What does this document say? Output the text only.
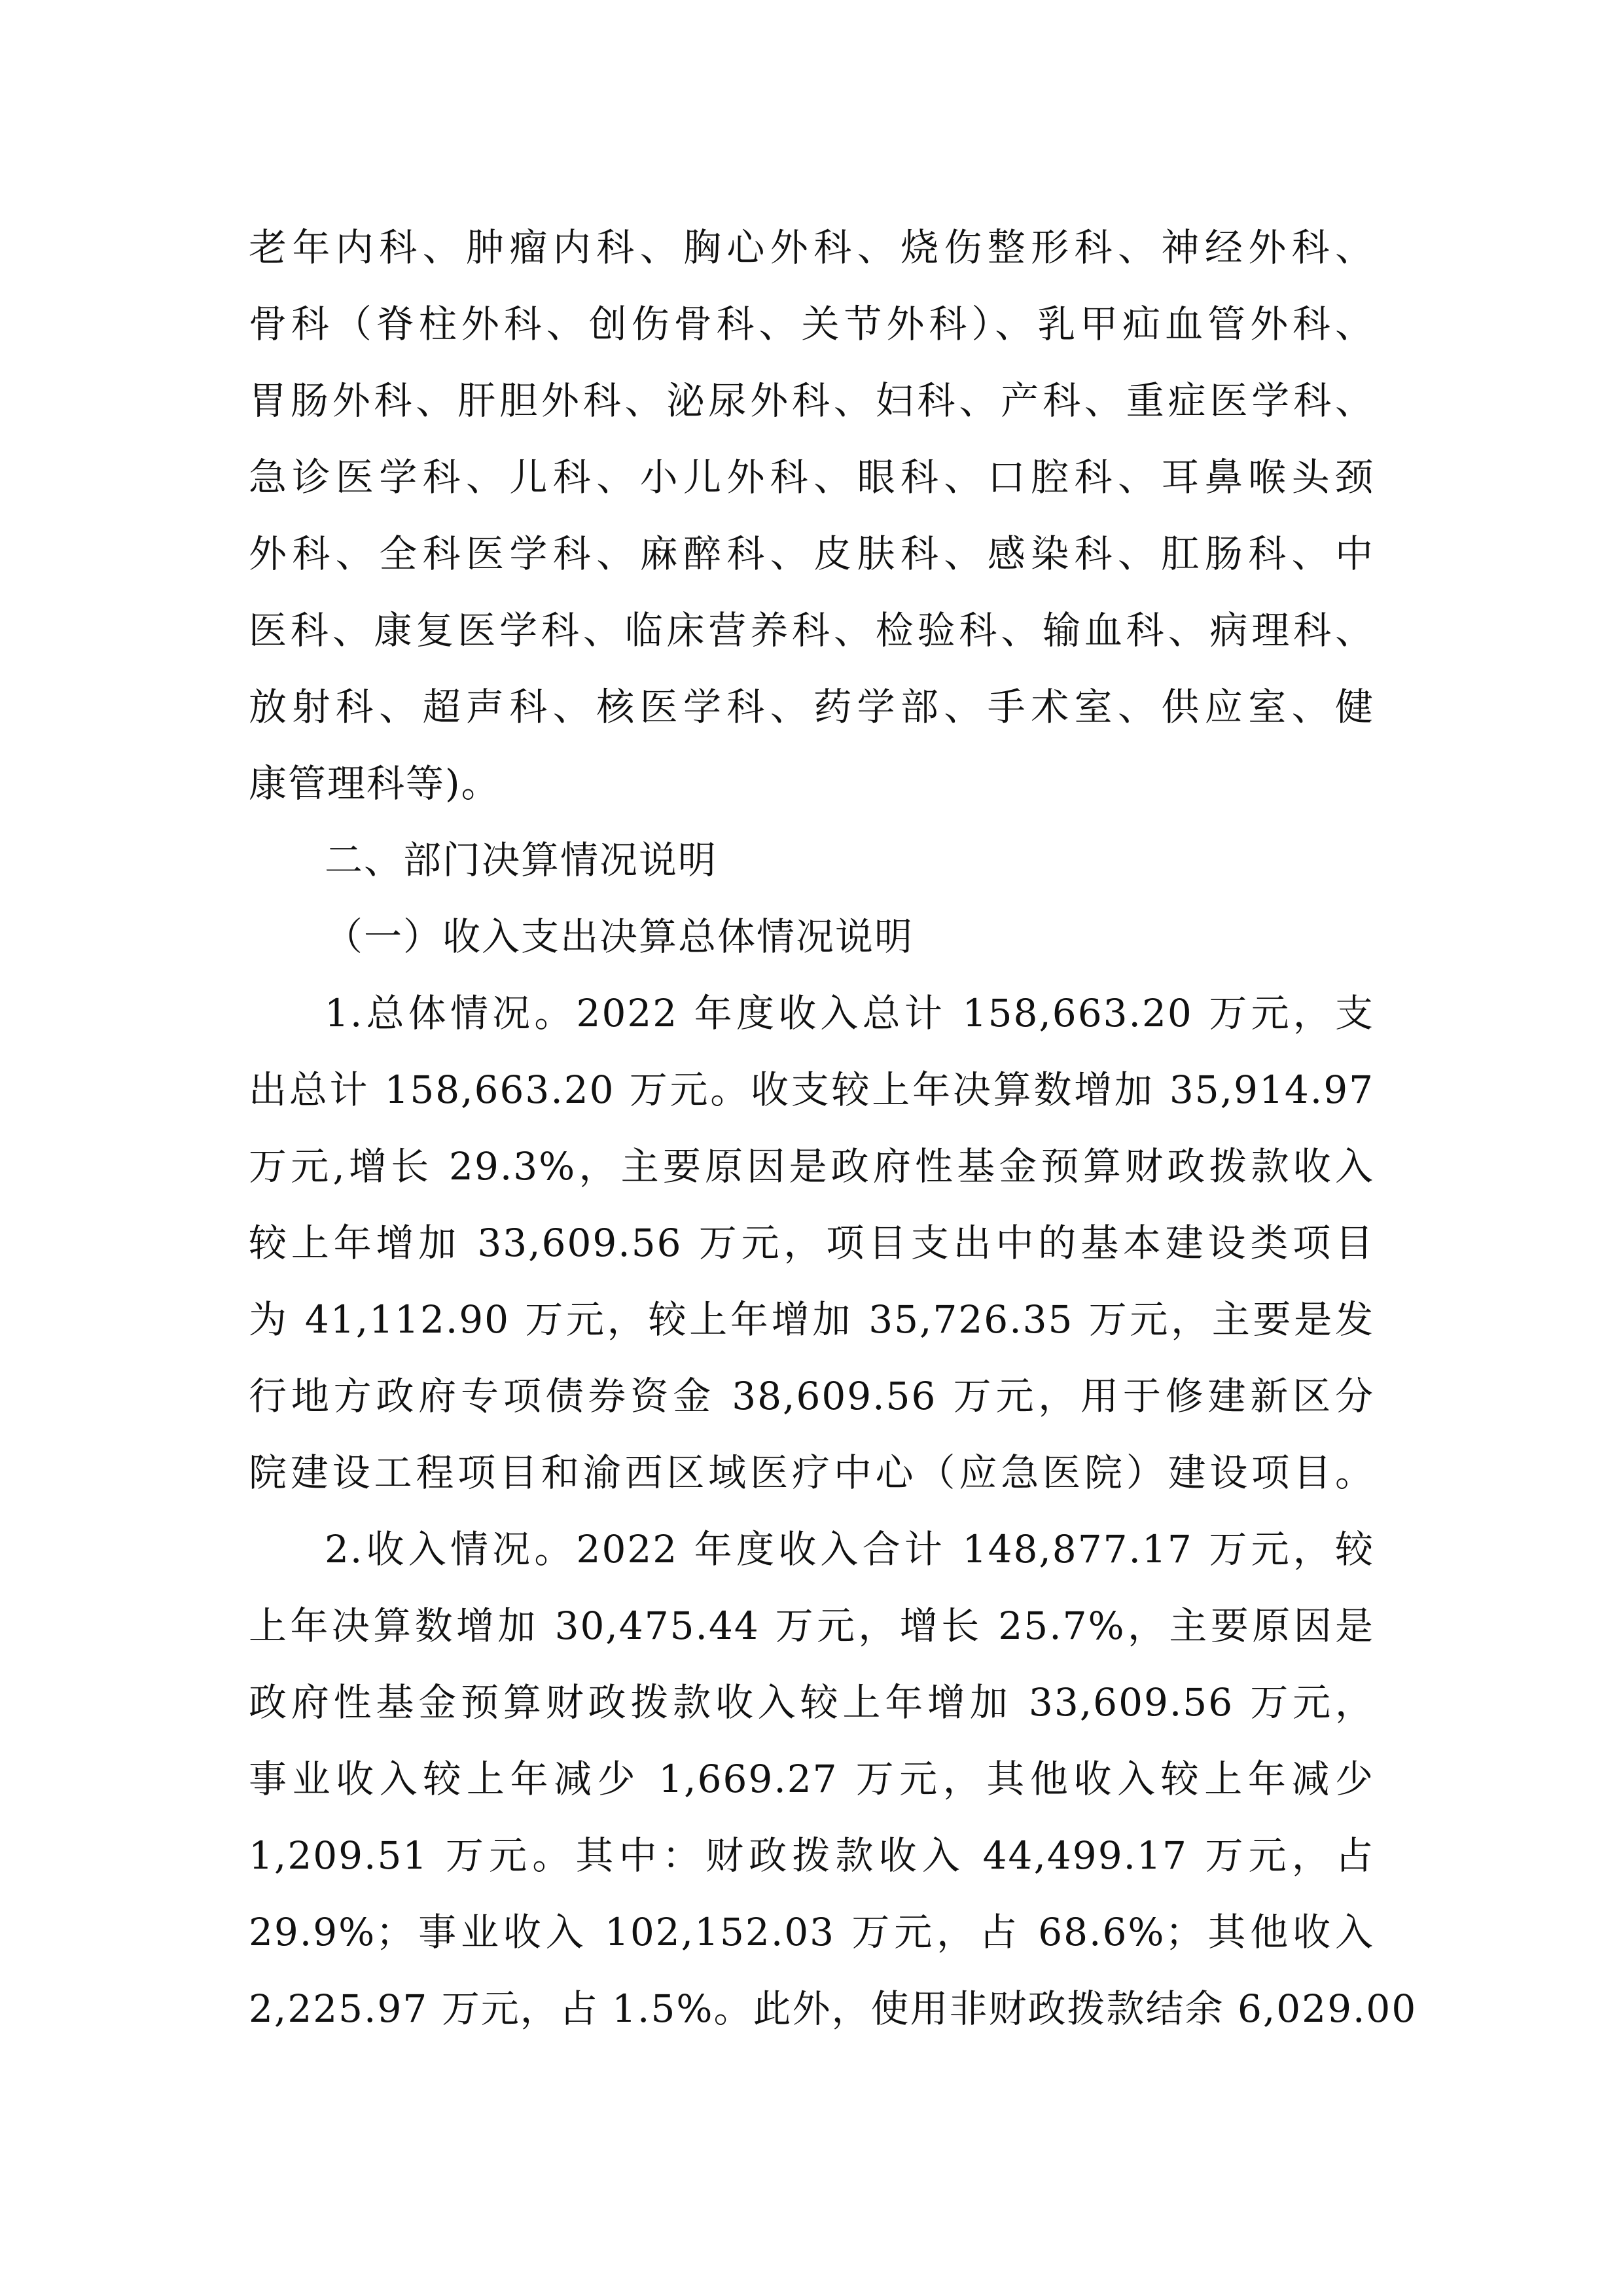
老年内科、肿瘤内科、胸心外科、烧伤整形科、神经外科、
骨科（脊柱外科、创伤骨科、关节外科）、乳甲疝血管外科、
胃肠外科、肝胆外科、泌尿外科、妇科、产科、重症医学科、
急诊医学科、儿科、小儿外科、眼科、口腔科、耳鼻喉头颈
外科、全科医学科、麻醉科、皮肤科、感染科、肛肠科、中
医科、康复医学科、临床营养科、检验科、输血科、病理科、
放射科、超声科、核医学科、药学部、手术室、供应室、健
康管理科等)。
二、部门决算情况说明
（一）收入支出决算总体情况说明
1.总体情况。2022 年度收入总计 158,663.20 万元，支
出总计 158,663.20 万元。收支较上年决算数增加 35,914.97
万元,增长 29.3%，主要原因是政府性基金预算财政拨款收入
较上年增加 33,609.56 万元，项目支出中的基本建设类项目
为 41,112.90 万元，较上年增加 35,726.35 万元，主要是发
行地方政府专项债券资金 38,609.56 万元，用于修建新区分
院建设工程项目和渝西区域医疗中心（应急医院）建设项目。
2.收入情况。2022 年度收入合计 148,877.17 万元，较
上年决算数增加 30,475.44 万元，增长 25.7%，主要原因是
政府性基金预算财政拨款收入较上年增加 33,609.56 万元，
事业收入较上年减少 1,669.27 万元，其他收入较上年减少
1,209.51 万元。其中：财政拨款收入 44,499.17 万元，占
29.9%；事业收入 102,152.03 万元，占 68.6%；其他收入
2,225.97 万元，占 1.5%。此外，使用非财政拨款结余 6,029.00
